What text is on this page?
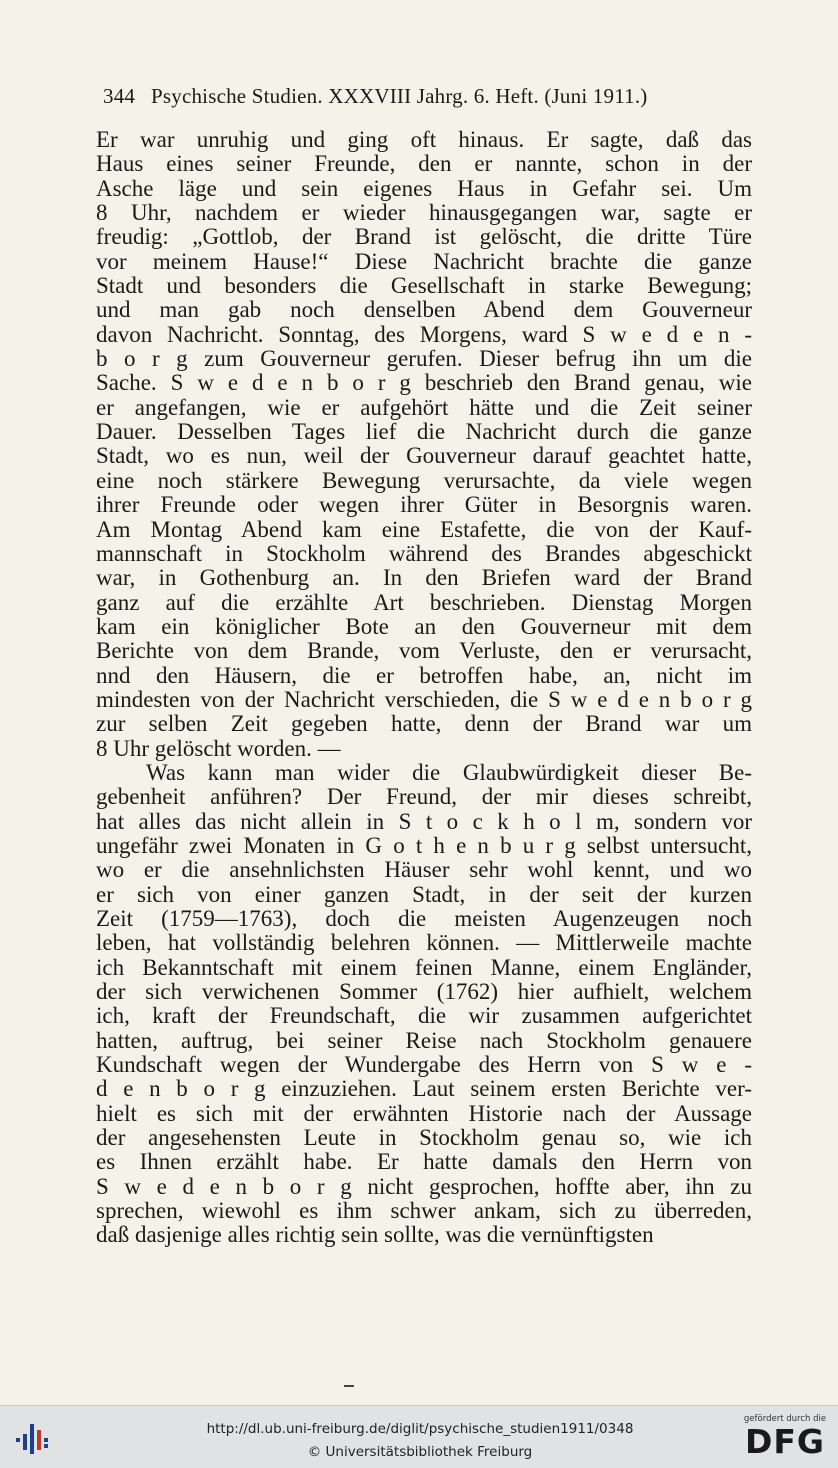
344 Psychische Studien. XXXVIII Jahrg. 6. Heft. (Juni 1911.)
Er war unruhig und ging oft hinaus. Er sagte, daß das
Haus eines seiner Freunde, den er nannte, schon in der
Asche läge und sein eigenes Haus in Gefahr sei. Um
8 Uhr, nachdem er wieder hinausgegangen war, sagte er
freudig: „Gottlob, der Brand ist gelöscht, die dritte Türe
vor meinem Hause!“ Diese Nachricht brachte die ganze
Stadt und besonders die Gesellschaft in starke Bewegung;
und man gab noch denselben Abend dem Gouverneur
davon Nachricht. Sonntag, des Morgens, ward S w e d e n -
b o r g zum Gouverneur gerufen. Dieser befrug ihn um die
Sache. S w e d e n b o r g beschrieb den Brand genau, wie
er angefangen, wie er aufgehört hätte und die Zeit seiner
Dauer. Desselben Tages lief die Nachricht durch die ganze
Stadt, wo es nun, weil der Gouverneur darauf geachtet hatte,
eine noch stärkere Bewegung verursachte, da viele wegen
ihrer Freunde oder wegen ihrer Güter in Besorgnis waren.
Am Montag Abend kam eine Estafette, die von der Kauf-
mannschaft in Stockholm während des Brandes abgeschickt
war, in Gothenburg an. In den Briefen ward der Brand
ganz auf die erzählte Art beschrieben. Dienstag Morgen
kam ein königlicher Bote an den Gouverneur mit dem
Berichte von dem Brande, vom Verluste, den er verursacht,
nnd den Häusern, die er betroffen habe, an, nicht im
mindesten von der Nachricht verschieden, die S w e d e n b o r g
zur selben Zeit gegeben hatte, denn der Brand war um
8 Uhr gelöscht worden. —
Was kann man wider die Glaubwürdigkeit dieser Be-
gebenheit anführen? Der Freund, der mir dieses schreibt,
hat alles das nicht allein in S t o c k h o l m, sondern vor
ungefähr zwei Monaten in G o t h e n b u r g selbst untersucht,
wo er die ansehnlichsten Häuser sehr wohl kennt, und wo
er sich von einer ganzen Stadt, in der seit der kurzen
Zeit (1759—1763), doch die meisten Augenzeugen noch
leben, hat vollständig belehren können. — Mittlerweile machte
ich Bekanntschaft mit einem feinen Manne, einem Engländer,
der sich verwichenen Sommer (1762) hier aufhielt, welchem
ich, kraft der Freundschaft, die wir zusammen aufgerichtet
hatten, auftrug, bei seiner Reise nach Stockholm genauere
Kundschaft wegen der Wundergabe des Herrn von S w e -
d e n b o r g einzuziehen. Laut seinem ersten Berichte ver-
hielt es sich mit der erwähnten Historie nach der Aussage
der angesehensten Leute in Stockholm genau so, wie ich
es Ihnen erzählt habe. Er hatte damals den Herrn von
S w e d e n b o r g nicht gesprochen, hoffte aber, ihn zu
sprechen, wiewohl es ihm schwer ankam, sich zu überreden,
daß dasjenige alles richtig sein sollte, was die vernünftigsten
http://dl.ub.uni-freiburg.de/diglit/psychische_studien1911/0348
© Universitätsbibliothek Freiburg
gefördert durch die
DFG
